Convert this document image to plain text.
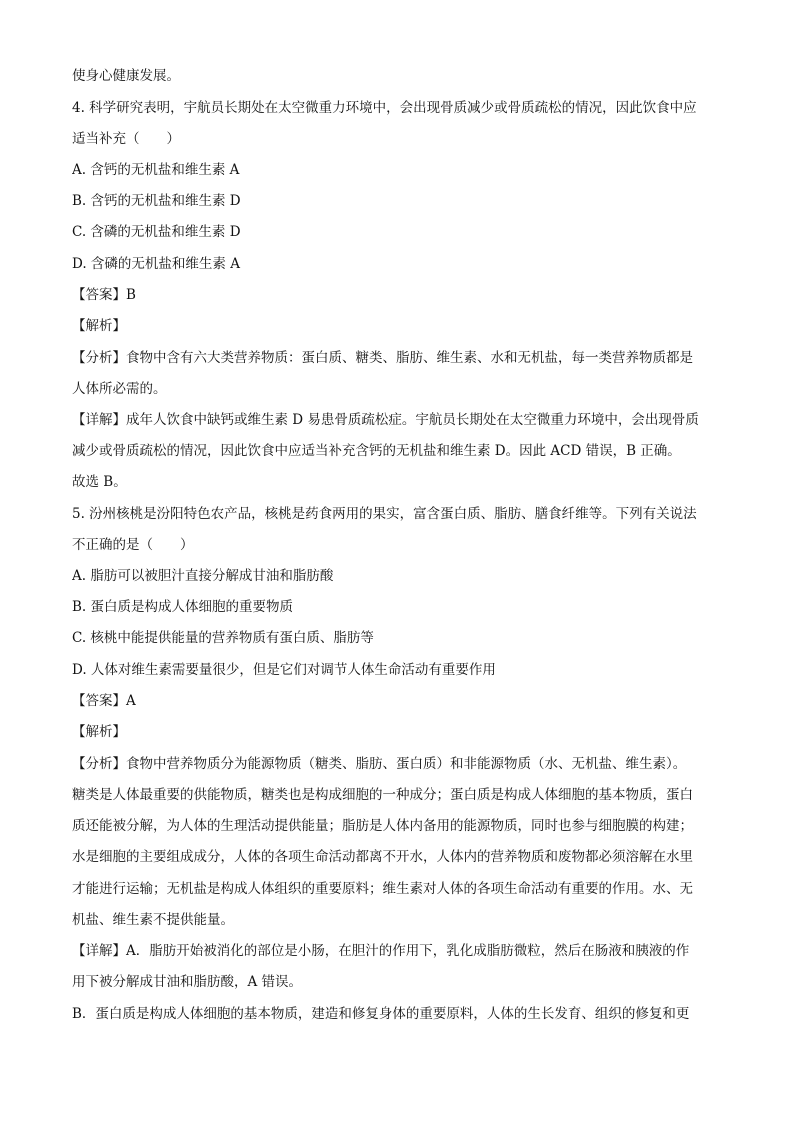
使身心健康发展。
4. 科学研究表明，宇航员长期处在太空微重力环境中，会出现骨质减少或骨质疏松的情况，因此饮食中应
适当补充（　　）
A. 含钙的无机盐和维生素 A
B. 含钙的无机盐和维生素 D
C. 含磷的无机盐和维生素 D
D. 含磷的无机盐和维生素 A
【答案】B
【解析】
【分析】食物中含有六大类营养物质：蛋白质、糖类、脂肪、维生素、水和无机盐，每一类营养物质都是
人体所必需的。
【详解】成年人饮食中缺钙或维生素 D 易患骨质疏松症。宇航员长期处在太空微重力环境中，会出现骨质
减少或骨质疏松的情况，因此饮食中应适当补充含钙的无机盐和维生素 D。因此 ACD 错误，B 正确。
故选 B。
5. 汾州核桃是汾阳特色农产品，核桃是药食两用的果实，富含蛋白质、脂肪、膳食纤维等。下列有关说法
不正确的是（　　）
A. 脂肪可以被胆汁直接分解成甘油和脂肪酸
B. 蛋白质是构成人体细胞的重要物质
C. 核桃中能提供能量的营养物质有蛋白质、脂肪等
D. 人体对维生素需要量很少，但是它们对调节人体生命活动有重要作用
【答案】A
【解析】
【分析】食物中营养物质分为能源物质（糖类、脂肪、蛋白质）和非能源物质（水、无机盐、维生素）。
糖类是人体最重要的供能物质，糖类也是构成细胞的一种成分；蛋白质是构成人体细胞的基本物质，蛋白
质还能被分解，为人体的生理活动提供能量；脂肪是人体内备用的能源物质，同时也参与细胞膜的构建；
水是细胞的主要组成成分，人体的各项生命活动都离不开水，人体内的营养物质和废物都必须溶解在水里
才能进行运输；无机盐是构成人体组织的重要原料；维生素对人体的各项生命活动有重要的作用。水、无
机盐、维生素不提供能量。
【详解】A．脂肪开始被消化的部位是小肠，在胆汁的作用下，乳化成脂肪微粒，然后在肠液和胰液的作
用下被分解成甘油和脂肪酸，A 错误。
B．蛋白质是构成人体细胞的基本物质，建造和修复身体的重要原料，人体的生长发育、组织的修复和更
